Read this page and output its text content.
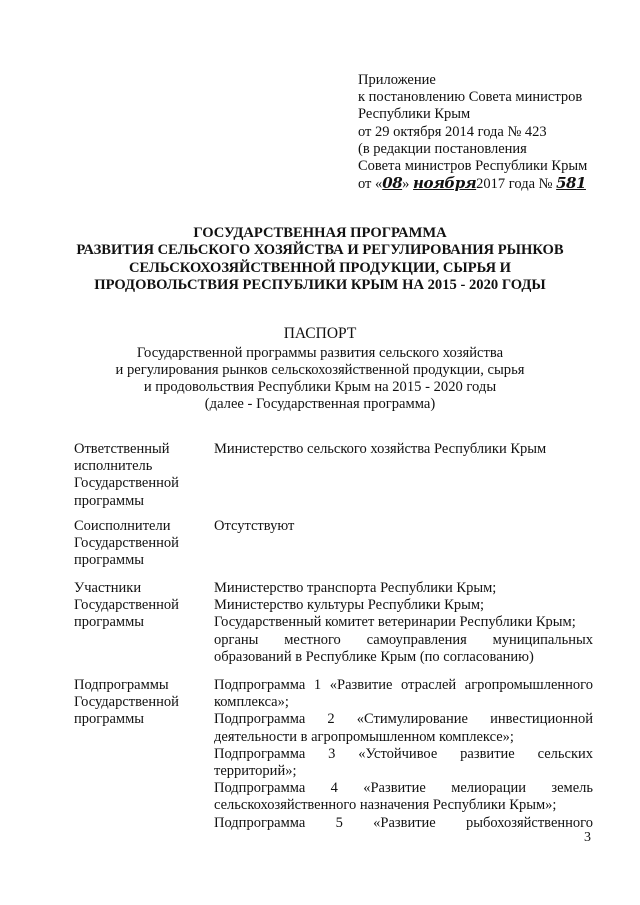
Приложение
к постановлению Совета министров
Республики Крым
от 29 октября 2014 года № 423
(в редакции постановления
Совета министров Республики Крым
от «08» ноября2017 года № 581
ГОСУДАРСТВЕННАЯ ПРОГРАММА
РАЗВИТИЯ СЕЛЬСКОГО ХОЗЯЙСТВА И РЕГУЛИРОВАНИЯ РЫНКОВ
СЕЛЬСКОХОЗЯЙСТВЕННОЙ ПРОДУКЦИИ, СЫРЬЯ И
ПРОДОВОЛЬСТВИЯ РЕСПУБЛИКИ КРЫМ НА 2015 - 2020 ГОДЫ
ПАСПОРТ
Государственной программы развития сельского хозяйства
и регулирования рынков сельскохозяйственной продукции, сырья
и продовольствия Республики Крым на 2015 - 2020 годы
(далее - Государственная программа)
Ответственный
исполнитель
Государственной
программы
Министерство сельского хозяйства Республики Крым
Соисполнители
Государственной
программы
Отсутствуют
Участники
Государственной
программы
Министерство транспорта Республики Крым;
Министерство культуры Республики Крым;
Государственный комитет ветеринарии Республики Крым;
органы местного самоуправления муниципальных
образований в Республике Крым (по согласованию)
Подпрограммы
Государственной
программы
Подпрограмма 1 «Развитие отраслей агропромышленного
комплекса»;
Подпрограмма 2 «Стимулирование инвестиционной
деятельности в агропромышленном комплексе»;
Подпрограмма 3 «Устойчивое развитие сельских
территорий»;
Подпрограмма 4 «Развитие мелиорации земель
сельскохозяйственного назначения Республики Крым»;
Подпрограмма 5 «Развитие рыбохозяйственного
3
